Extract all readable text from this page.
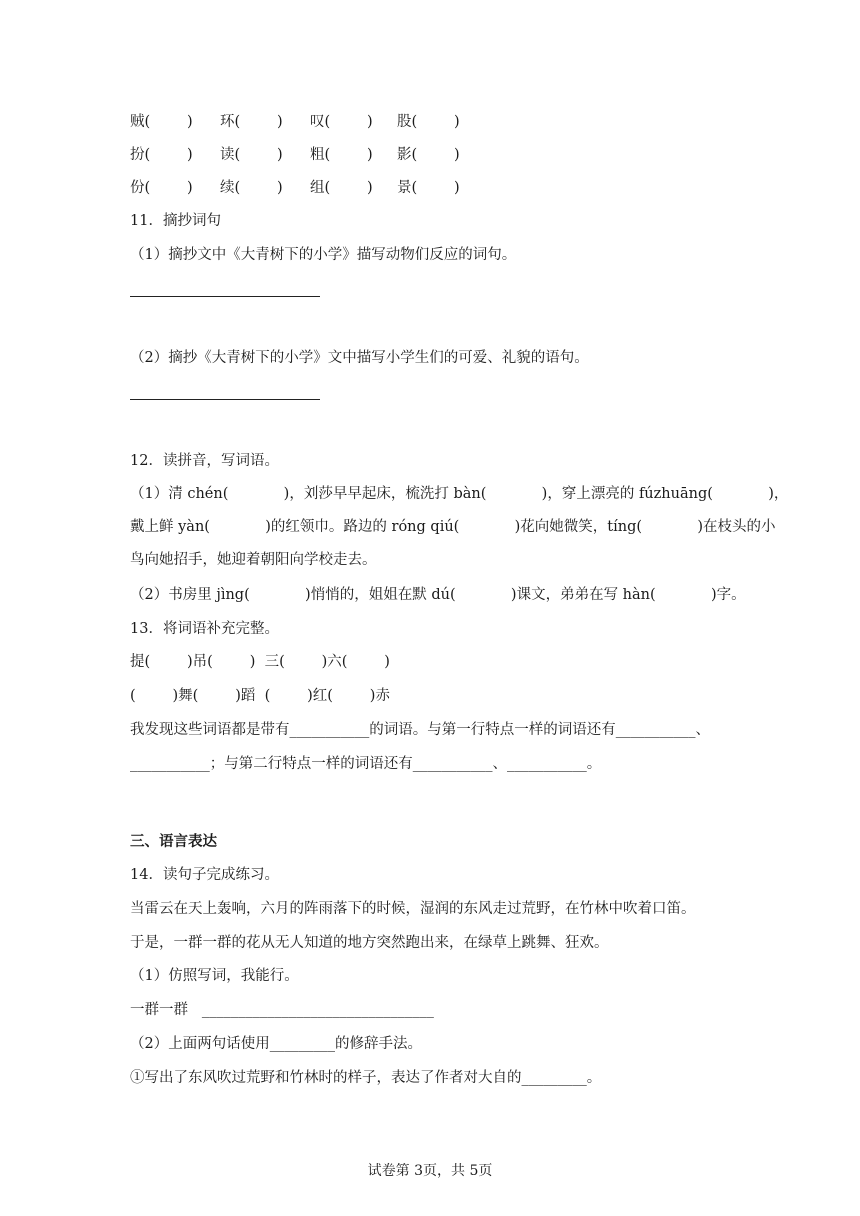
贼(        ) 环(        ) 叹(        ) 股(        )
扮(        ) 读(        ) 粗(        ) 影(        )
份(        ) 续(        ) 组(        ) 景(        )
11．摘抄词句
（1）摘抄文中《大青树下的小学》描写动物们反应的词句。
（2）摘抄《大青树下的小学》文中描写小学生们的可爱、礼貌的语句。
12．读拼音，写词语。
（1）清 chén(            )，刘莎早早起床，梳洗打 bàn(            )，穿上漂亮的 fúzhuāng(            )，
戴上鲜 yàn(            )的红领巾。路边的 róng qiú(            )花向她微笑，tíng(            )在枝头的小
鸟向她招手，她迎着朝阳向学校走去。
（2）书房里 jìng(            )悄悄的，姐姐在默 dú(            )课文，弟弟在写 hàn(            )字。
13．将词语补充完整。
提(        )吊(        )  三(        )六(        )
(        )舞(        )蹈  (        )红(        )赤
我发现这些词语都是带有___________的词语。与第一行特点一样的词语还有___________、
___________；与第二行特点一样的词语还有___________、___________。
三、语言表达
14．读句子完成练习。
当雷云在天上轰响，六月的阵雨落下的时候，湿润的东风走过荒野，在竹林中吹着口笛。
于是，一群一群的花从无人知道的地方突然跑出来，在绿草上跳舞、狂欢。
（1）仿照写词，我能行。
一群一群   ________________________________
（2）上面两句话使用_________的修辞手法。
①写出了东风吹过荒野和竹林时的样子，表达了作者对大自的_________。
试卷第 3页，共 5页
